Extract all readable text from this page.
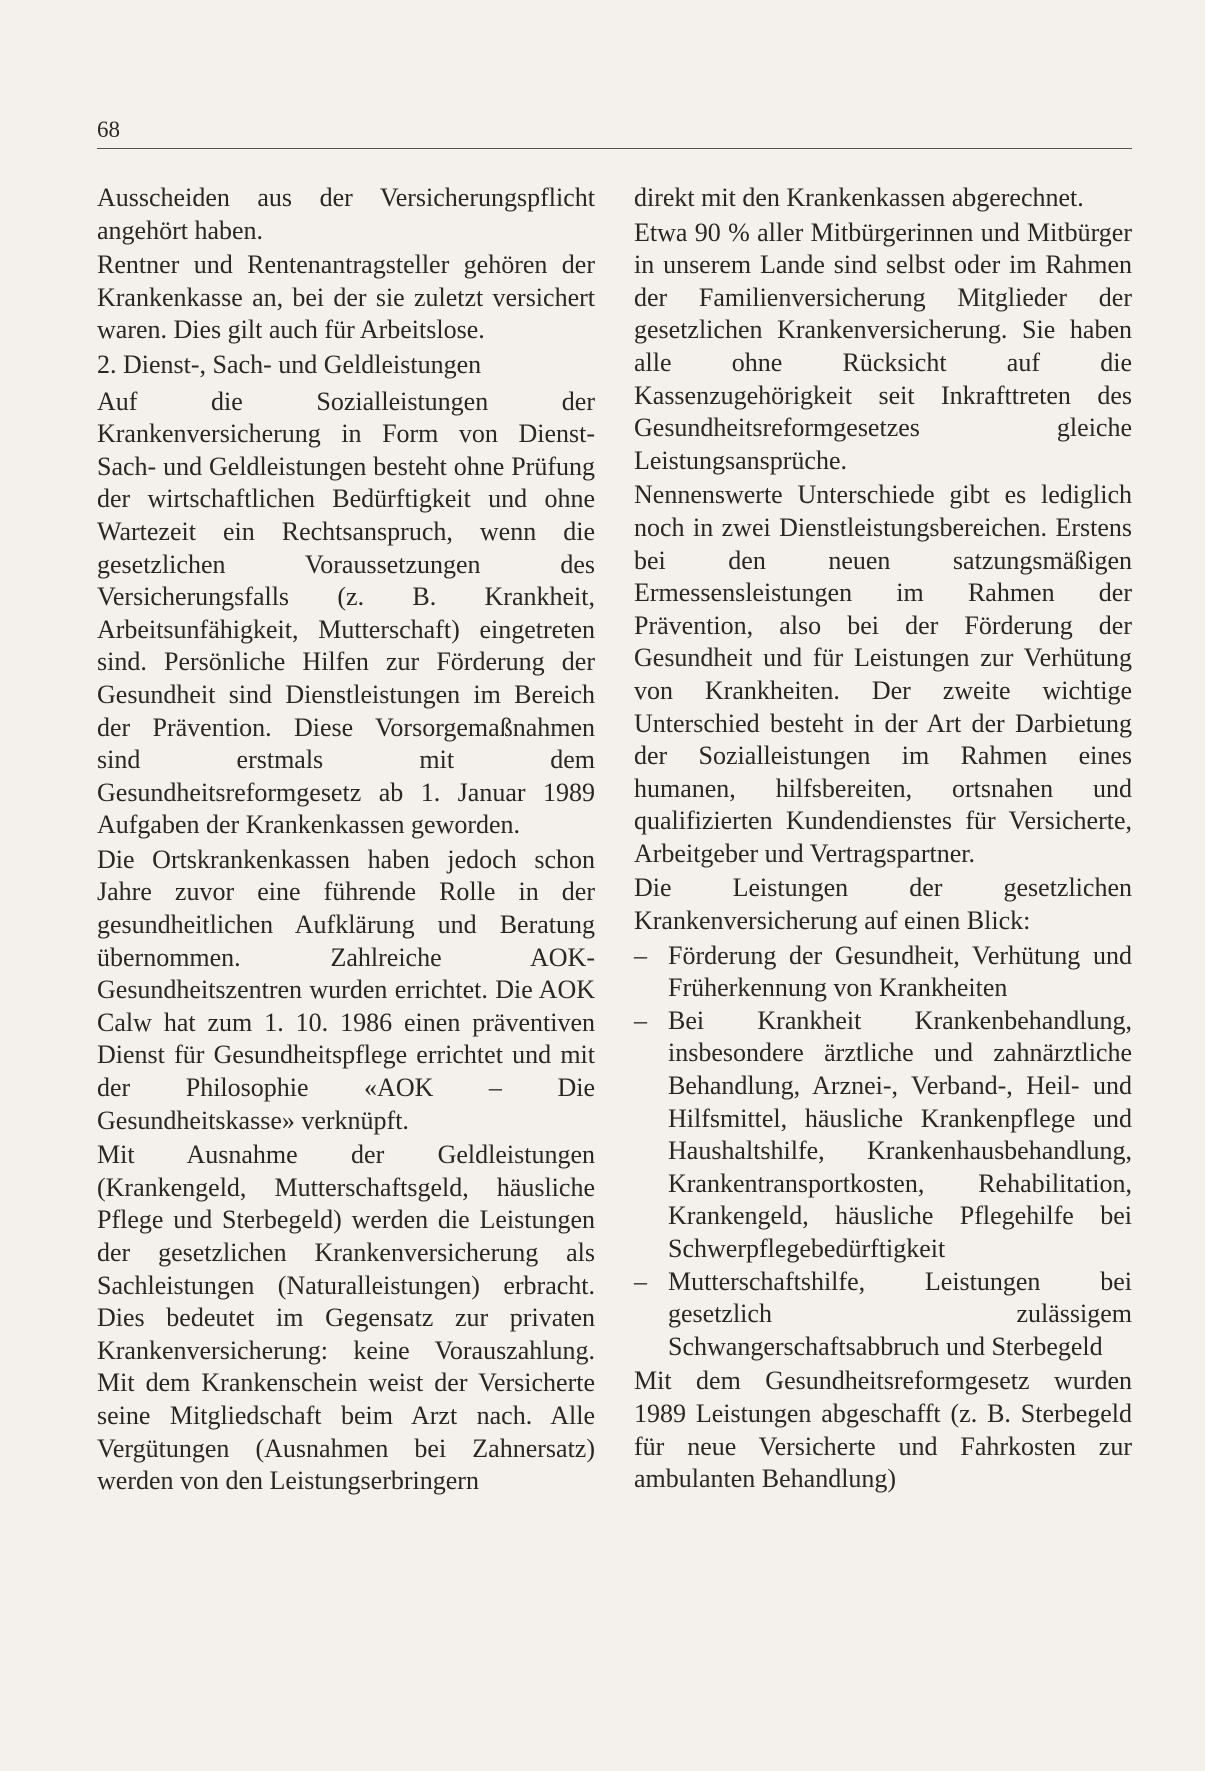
68

Ausscheiden aus der Versicherungspflicht angehört haben.

Rentner und Rentenantragsteller gehören der Krankenkasse an, bei der sie zuletzt versichert waren. Dies gilt auch für Arbeitslose.

2. Dienst-, Sach- und Geldleistungen

Auf die Sozialleistungen der Krankenversicherung in Form von Dienst- Sach- und Geldleistungen besteht ohne Prüfung der wirtschaftlichen Bedürftigkeit und ohne Wartezeit ein Rechtsanspruch, wenn die gesetzlichen Voraussetzungen des Versicherungsfalls (z. B. Krankheit, Arbeitsunfähigkeit, Mutterschaft) eingetreten sind. Persönliche Hilfen zur Förderung der Gesundheit sind Dienstleistungen im Bereich der Prävention. Diese Vorsorgemaßnahmen sind erstmals mit dem Gesundheitsreformgesetz ab 1. Januar 1989 Aufgaben der Krankenkassen geworden.

Die Ortskrankenkassen haben jedoch schon Jahre zuvor eine führende Rolle in der gesundheitlichen Aufklärung und Beratung übernommen. Zahlreiche AOK-Gesundheitszentren wurden errichtet. Die AOK Calw hat zum 1. 10. 1986 einen präventiven Dienst für Gesundheitspflege errichtet und mit der Philosophie «AOK – Die Gesundheitskasse» verknüpft.

Mit Ausnahme der Geldleistungen (Krankengeld, Mutterschaftsgeld, häusliche Pflege und Sterbegeld) werden die Leistungen der gesetzlichen Krankenversicherung als Sachleistungen (Naturalleistungen) erbracht. Dies bedeutet im Gegensatz zur privaten Krankenversicherung: keine Vorauszahlung. Mit dem Krankenschein weist der Versicherte seine Mitgliedschaft beim Arzt nach. Alle Vergütungen (Ausnahmen bei Zahnersatz) werden von den Leistungserbringern

direkt mit den Krankenkassen abgerechnet.

Etwa 90 % aller Mitbürgerinnen und Mitbürger in unserem Lande sind selbst oder im Rahmen der Familienversicherung Mitglieder der gesetzlichen Krankenversicherung. Sie haben alle ohne Rücksicht auf die Kassenzugehörigkeit seit Inkrafttreten des Gesundheitsreformgesetzes gleiche Leistungsansprüche.

Nennenswerte Unterschiede gibt es lediglich noch in zwei Dienstleistungsbereichen. Erstens bei den neuen satzungsmäßigen Ermessensleistungen im Rahmen der Prävention, also bei der Förderung der Gesundheit und für Leistungen zur Verhütung von Krankheiten. Der zweite wichtige Unterschied besteht in der Art der Darbietung der Sozialleistungen im Rahmen eines humanen, hilfsbereiten, ortsnahen und qualifizierten Kundendienstes für Versicherte, Arbeitgeber und Vertragspartner.

Die Leistungen der gesetzlichen Krankenversicherung auf einen Blick:

– Förderung der Gesundheit, Verhütung und Früherkennung von Krankheiten
– Bei Krankheit Krankenbehandlung, insbesondere ärztliche und zahnärztliche Behandlung, Arznei-, Verband-, Heil- und Hilfsmittel, häusliche Krankenpflege und Haushaltshilfe, Krankenhausbehandlung, Krankentransportkosten, Rehabilitation, Krankengeld, häusliche Pflegehilfe bei Schwerpflegebedürftigkeit
– Mutterschaftshilfe, Leistungen bei gesetzlich zulässigem Schwangerschaftsabbruch und Sterbegeld

Mit dem Gesundheitsreformgesetz wurden 1989 Leistungen abgeschafft (z. B. Sterbegeld für neue Versicherte und Fahrkosten zur ambulanten Behandlung)
